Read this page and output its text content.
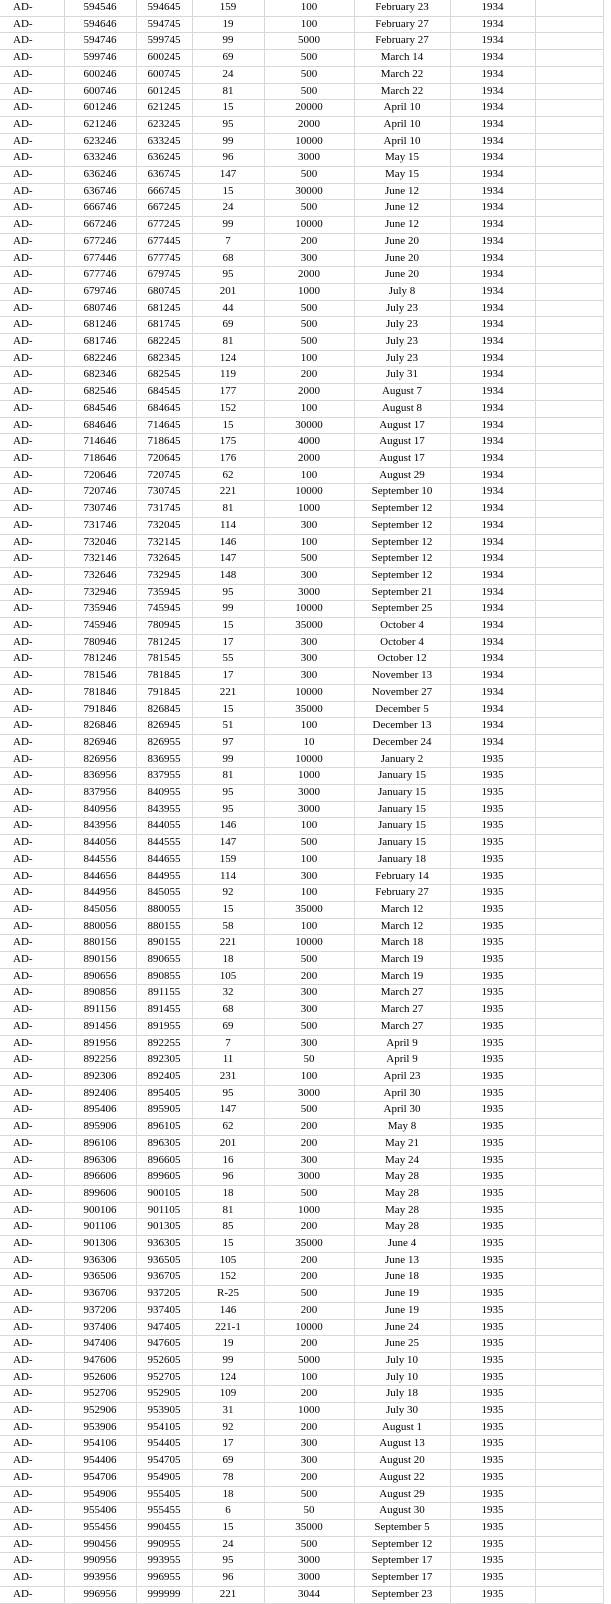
AD-	594546	594645	159	100	February 23	1934	
AD-	594646	594745	19	100	February 27	1934	
AD-	594746	599745	99	5000	February 27	1934	
AD-	599746	600245	69	500	March 14	1934	
AD-	600246	600745	24	500	March 22	1934	
AD-	600746	601245	81	500	March 22	1934	
AD-	601246	621245	15	20000	April 10	1934	
AD-	621246	623245	95	2000	April 10	1934	
AD-	623246	633245	99	10000	April 10	1934	
AD-	633246	636245	96	3000	May 15	1934	
AD-	636246	636745	147	500	May 15	1934	
AD-	636746	666745	15	30000	June 12	1934	
AD-	666746	667245	24	500	June 12	1934	
AD-	667246	677245	99	10000	June 12	1934	
AD-	677246	677445	7	200	June 20	1934	
AD-	677446	677745	68	300	June 20	1934	
AD-	677746	679745	95	2000	June 20	1934	
AD-	679746	680745	201	1000	July 8	1934	
AD-	680746	681245	44	500	July 23	1934	
AD-	681246	681745	69	500	July 23	1934	
AD-	681746	682245	81	500	July 23	1934	
AD-	682246	682345	124	100	July 23	1934	
AD-	682346	682545	119	200	July 31	1934	
AD-	682546	684545	177	2000	August 7	1934	
AD-	684546	684645	152	100	August 8	1934	
AD-	684646	714645	15	30000	August 17	1934	
AD-	714646	718645	175	4000	August 17	1934	
AD-	718646	720645	176	2000	August 17	1934	
AD-	720646	720745	62	100	August 29	1934	
AD-	720746	730745	221	10000	September 10	1934	
AD-	730746	731745	81	1000	September 12	1934	
AD-	731746	732045	114	300	September 12	1934	
AD-	732046	732145	146	100	September 12	1934	
AD-	732146	732645	147	500	September 12	1934	
AD-	732646	732945	148	300	September 12	1934	
AD-	732946	735945	95	3000	September 21	1934	
AD-	735946	745945	99	10000	September 25	1934	
AD-	745946	780945	15	35000	October 4	1934	
AD-	780946	781245	17	300	October 4	1934	
AD-	781246	781545	55	300	October 12	1934	
AD-	781546	781845	17	300	November 13	1934	
AD-	781846	791845	221	10000	November 27	1934	
AD-	791846	826845	15	35000	December 5	1934	
AD-	826846	826945	51	100	December 13	1934	
AD-	826946	826955	97	10	December 24	1934	
AD-	826956	836955	99	10000	January 2	1935	
AD-	836956	837955	81	1000	January 15	1935	
AD-	837956	840955	95	3000	January 15	1935	
AD-	840956	843955	95	3000	January 15	1935	
AD-	843956	844055	146	100	January 15	1935	
AD-	844056	844555	147	500	January 15	1935	
AD-	844556	844655	159	100	January 18	1935	
AD-	844656	844955	114	300	February 14	1935	
AD-	844956	845055	92	100	February 27	1935	
AD-	845056	880055	15	35000	March 12	1935	
AD-	880056	880155	58	100	March 12	1935	
AD-	880156	890155	221	10000	March 18	1935	
AD-	890156	890655	18	500	March 19	1935	
AD-	890656	890855	105	200	March 19	1935	
AD-	890856	891155	32	300	March 27	1935	
AD-	891156	891455	68	300	March 27	1935	
AD-	891456	891955	69	500	March 27	1935	
AD-	891956	892255	7	300	April 9	1935	
AD-	892256	892305	11	50	April 9	1935	
AD-	892306	892405	231	100	April 23	1935	
AD-	892406	895405	95	3000	April 30	1935	
AD-	895406	895905	147	500	April 30	1935	
AD-	895906	896105	62	200	May 8	1935	
AD-	896106	896305	201	200	May 21	1935	
AD-	896306	896605	16	300	May 24	1935	
AD-	896606	899605	96	3000	May 28	1935	
AD-	899606	900105	18	500	May 28	1935	
AD-	900106	901105	81	1000	May 28	1935	
AD-	901106	901305	85	200	May 28	1935	
AD-	901306	936305	15	35000	June 4	1935	
AD-	936306	936505	105	200	June 13	1935	
AD-	936506	936705	152	200	June 18	1935	
AD-	936706	937205	R-25	500	June 19	1935	
AD-	937206	937405	146	200	June 19	1935	
AD-	937406	947405	221-1	10000	June 24	1935	
AD-	947406	947605	19	200	June 25	1935	
AD-	947606	952605	99	5000	July 10	1935	
AD-	952606	952705	124	100	July 10	1935	
AD-	952706	952905	109	200	July 18	1935	
AD-	952906	953905	31	1000	July 30	1935	
AD-	953906	954105	92	200	August 1	1935	
AD-	954106	954405	17	300	August 13	1935	
AD-	954406	954705	69	300	August 20	1935	
AD-	954706	954905	78	200	August 22	1935	
AD-	954906	955405	18	500	August 29	1935	
AD-	955406	955455	6	50	August 30	1935	
AD-	955456	990455	15	35000	September 5	1935	
AD-	990456	990955	24	500	September 12	1935	
AD-	990956	993955	95	3000	September 17	1935	
AD-	993956	996955	96	3000	September 17	1935	
AD-	996956	999999	221	3044	September 23	1935	
